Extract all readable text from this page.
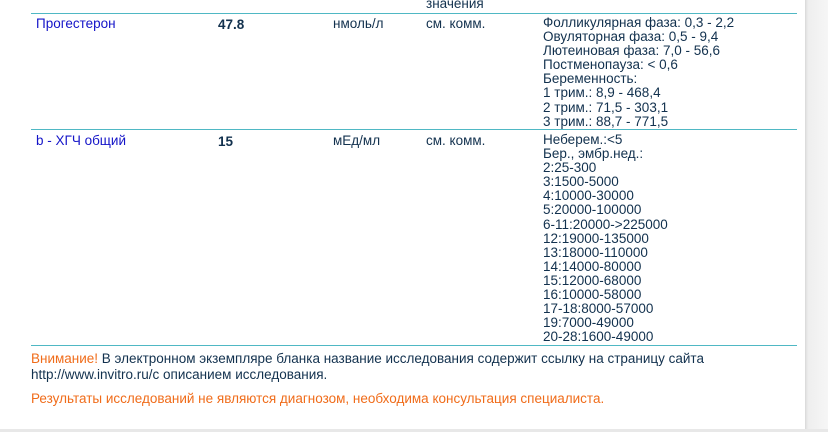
значения
Прогестерон	47.8	нмоль/л	см. комм.	Фолликулярная фаза: 0,3 - 2,2
Овуляторная фаза: 0,5 - 9,4
Лютеиновая фаза: 7,0 - 56,6
Постменопауза: < 0,6
Беременность:
1 трим.: 8,9 - 468,4
2 трим.: 71,5 - 303,1
3 трим.: 88,7 - 771,5
b - ХГЧ общий	15	мЕд/мл	см. комм.	Неберем.:<5
Бер., эмбр.нед.:
2:25-300
3:1500-5000
4:10000-30000
5:20000-100000
6-11:20000->225000
12:19000-135000
13:18000-110000
14:14000-80000
15:12000-68000
16:10000-58000
17-18:8000-57000
19:7000-49000
20-28:1600-49000
Внимание! В электронном экземпляре бланка название исследования содержит ссылку на страницу сайта
http://www.invitro.ru/с описанием исследования.
Результаты исследований не являются диагнозом, необходима консультация специалиста.
